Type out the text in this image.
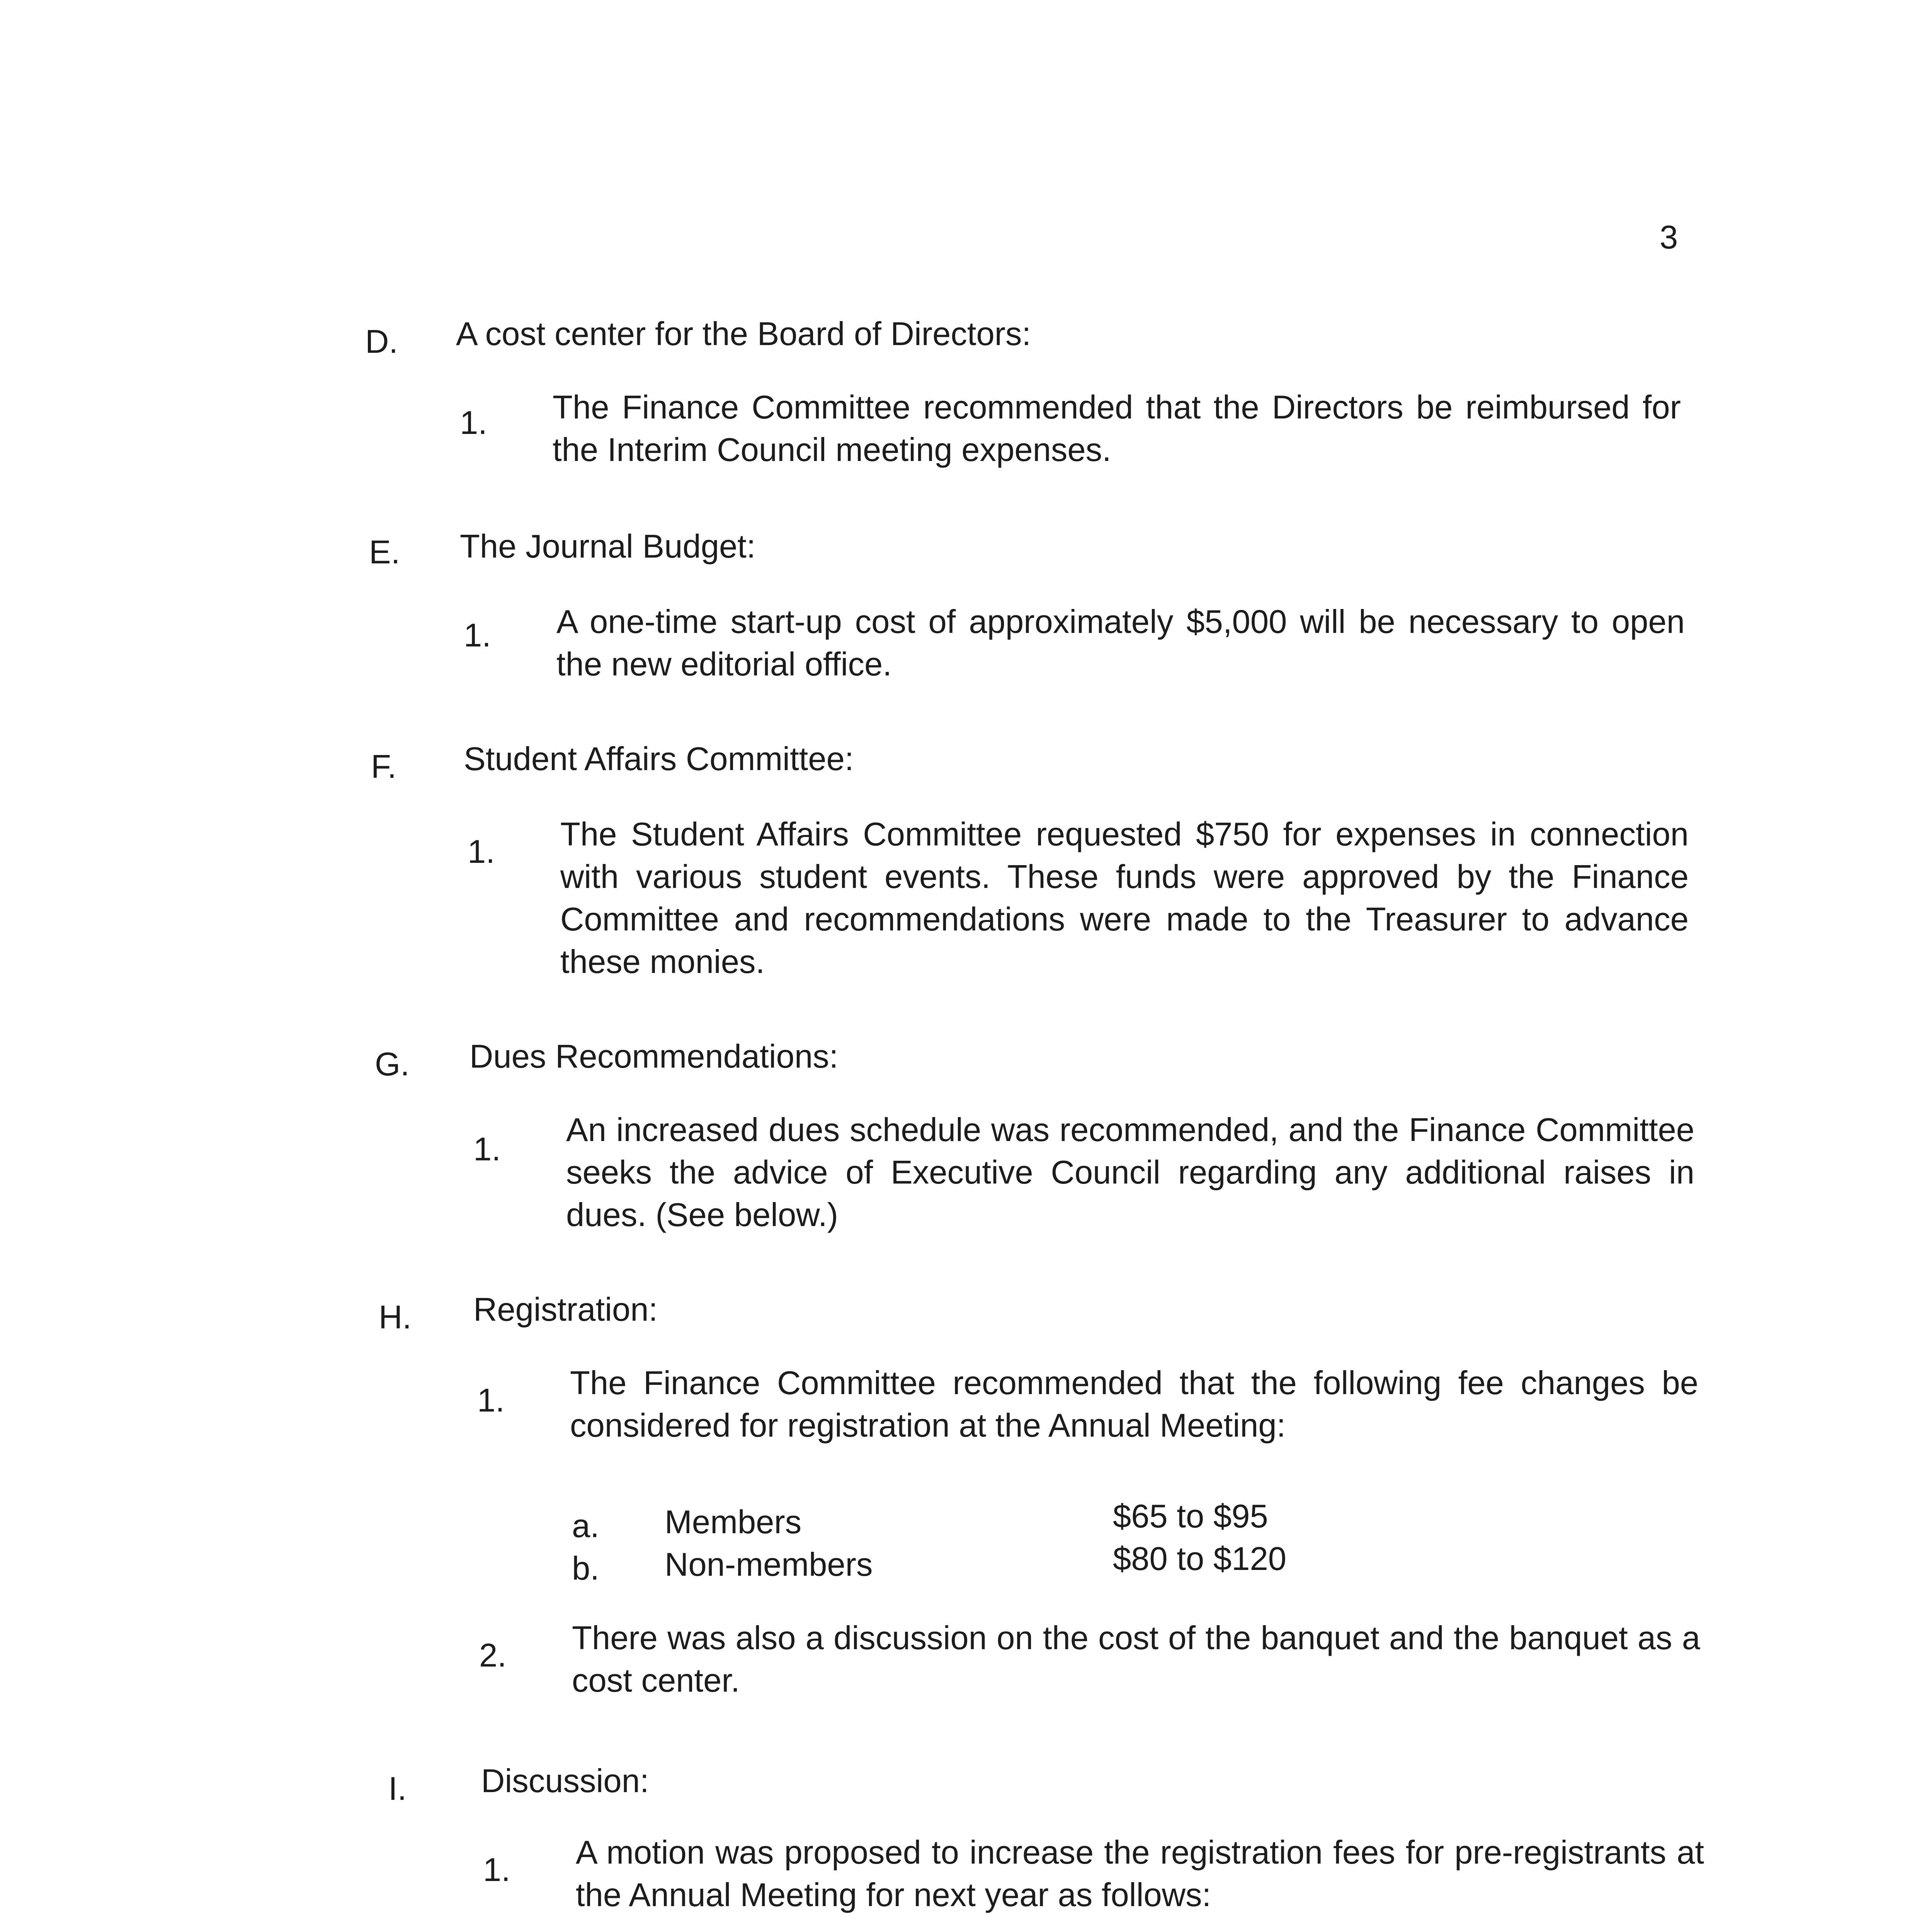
3
D. A cost center for the Board of Directors:
1. The Finance Committee recommended that the Directors be reimbursed for the Interim Council meeting expenses.
E. The Journal Budget:
1. A one-time start-up cost of approximately $5,000 will be necessary to open the new editorial office.
F. Student Affairs Committee:
1. The Student Affairs Committee requested $750 for expenses in connection with various student events. These funds were approved by the Finance Committee and recommendations were made to the Treasurer to advance these monies.
G. Dues Recommendations:
1.
An increased dues schedule was recommended, and the Finance Committee seeks the advice of Executive Council regarding any additional raises in dues. (See below.)
H. Registration:
1. The Finance Committee recommended that the following fee changes be considered for registration at the Annual Meeting:
a. Members	$65 to $95
b. Non-members	$80 to $120
2. There was also a discussion on the cost of the banquet and the banquet as a cost center.
I. Discussion:
1. A motion was proposed to increase the registration fees for pre-registrants at the Annual Meeting for next year as follows:
